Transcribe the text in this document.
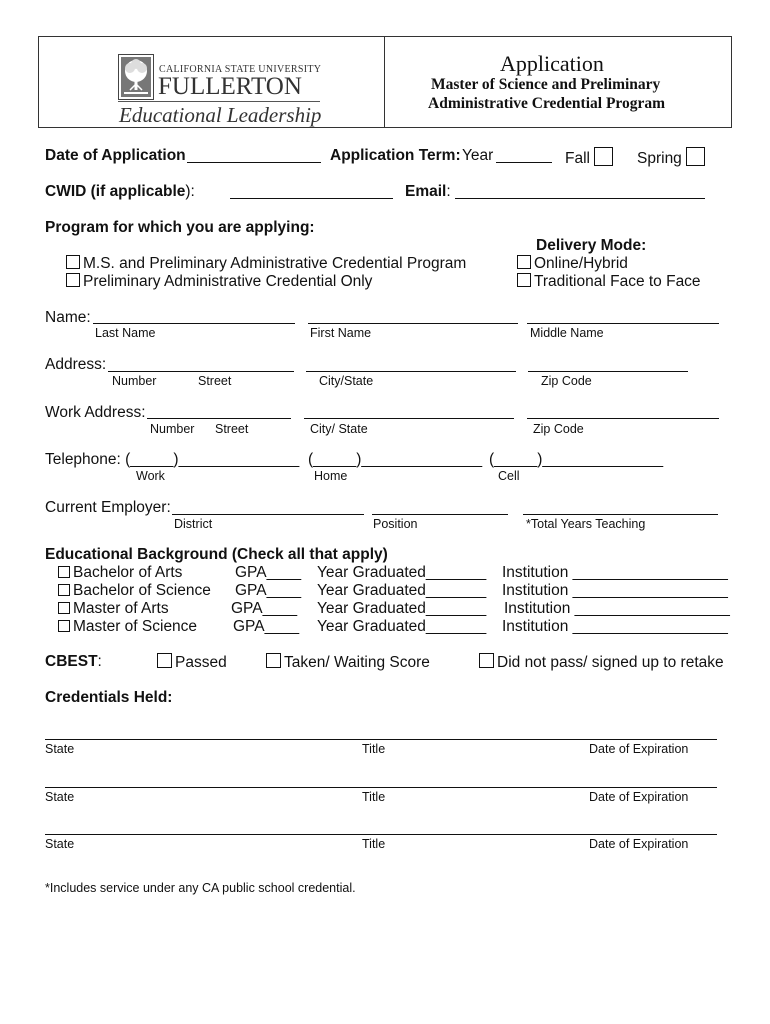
CALIFORNIA STATE UNIVERSITY
FULLERTON
Educational Leadership
Application
Master of Science and Preliminary
Administrative Credential Program
Date of Application	Application Term: Year	Fall	Spring
CWID (if applicable):	Email:
Program for which you are applying:
Delivery Mode:
M.S. and Preliminary Administrative Credential Program
Preliminary Administrative Credential Only
Online/Hybrid
Traditional Face to Face
Name:
Last Name	First Name	Middle Name
Address:
Number	Street	City/State	Zip Code
Work Address:
Number Street	City/ State	Zip Code
Telephone: (_____)______________ (_____)______________ (_____)______________
Work	Home	Cell
Current Employer:
District	Position	*Total Years Teaching
Educational Background (Check all that apply)
Bachelor of Arts	GPA____ Year Graduated_______ Institution __________________
Bachelor of Science GPA____ Year Graduated_______ Institution __________________
Master of Arts	GPA____ Year Graduated_______ Institution __________________
Master of Science GPA____ Year Graduated_______ Institution __________________
CBEST:	Passed	Taken/ Waiting Score	Did not pass/ signed up to retake
Credentials Held:
State	Title	Date of Expiration
State	Title	Date of Expiration
State	Title	Date of Expiration
*Includes service under any CA public school credential.
